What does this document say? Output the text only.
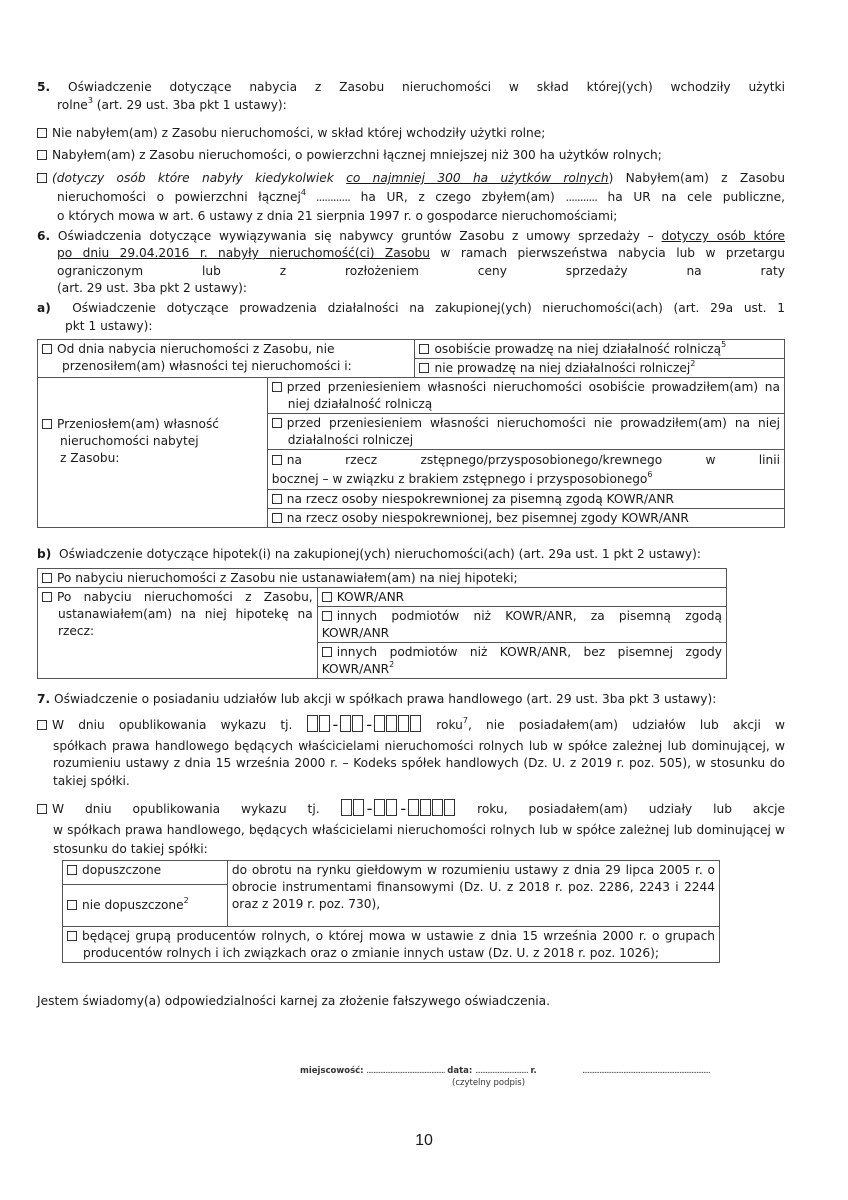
5. Oświadczenie dotyczące nabycia z Zasobu nieruchomości w skład której(ych) wchodziły użytki
rolne$^3$ (art. 29 ust. 3ba pkt 1 ustawy):
Nie nabyłem(am) z Zasobu nieruchomości, w skład której wchodziły użytki rolne;
Nabyłem(am) z Zasobu nieruchomości, o powierzchni łącznej mniejszej niż 300 ha użytków rolnych;
(dotyczy osób które nabyły kiedykolwiek co najmniej 300 ha użytków rolnych) Nabyłem(am) z Zasobu
nieruchomości o powierzchni łącznej$^4$ ............ ha UR, z czego zbyłem(am) ........... ha UR na cele publiczne,
o których mowa w art. 6 ustawy z dnia 21 sierpnia 1997 r. o gospodarce nieruchomościami;
6. Oświadczenia dotyczące wywiązywania się nabywcy gruntów Zasobu z umowy sprzedaży – dotyczy osób które
po dniu 29.04.2016 r. nabyły nieruchomość(ci) Zasobu w ramach pierwszeństwa nabycia lub w przetargu
ograniczonym lub z rozłożeniem ceny sprzedaży na raty
(art. 29 ust. 3ba pkt 2 ustawy):
a) Oświadczenie dotyczące prowadzenia działalności na zakupionej(ych) nieruchomości(ach) (art. 29a ust. 1
pkt 1 ustawy):
Od dnia nabycia nieruchomości z Zasobu, nie przenosiłem(am) własności tej nieruchomości i:		osobiście prowadzę na niej działalność rolniczą$^5$
		nie prowadzę na niej działalności rolniczej$^2$

Przeniosłem(am) własność
nieruchomości nabytej
z Zasobu:	przed przeniesieniem własności nieruchomości osobiście prowadziłem(am) na niej działalność rolniczą	

	przed przeniesieniem własności nieruchomości nie prowadziłem(am) na niej działalności rolniczej	

	na rzecz zstępnego/przysposobionego/krewnego w linii
bocznej – w związku z brakiem zstępnego i przysposobionego$^6$

	na rzecz osoby niespokrewnionej za pisemną zgodą KOWR/ANR	
	na rzecz osoby niespokrewnionej, bez pisemnej zgody KOWR/ANR	
b) Oświadczenie dotyczące hipotek(i) na zakupionej(ych) nieruchomości(ach) (art. 29a ust. 1 pkt 2 ustawy):
Po nabyciu nieruchomości z Zasobu nie ustanawiałem(am) na niej hipoteki;

Po nabyciu nieruchomości z Zasobu, ustanawiałem(am) na niej hipotekę na rzecz:
	KOWR/ANR
innych podmiotów niż KOWR/ANR, za pisemną zgodą KOWR/ANR
innych podmiotów niż KOWR/ANR, bez pisemnej zgody KOWR/ANR$^2$
7. Oświadczenie o posiadaniu udziałów lub akcji w spółkach prawa handlowego (art. 29 ust. 3ba pkt 3 ustawy):
W dniu opublikowania wykazu tj.	- -	roku$^7$, nie posiadałem(am) udziałów lub akcji w
spółkach prawa handlowego będących właścicielami nieruchomości rolnych lub w spółce zależnej lub dominującej, w rozumieniu ustawy z dnia 15 września 2000 r. – Kodeks spółek handlowych (Dz. U. z 2019 r. poz. 505), w stosunku do takiej spółki.
W dniu opublikowania wykazu tj.	- -	roku, posiadałem(am) udziały lub akcje
w spółkach prawa handlowego, będących właścicielami nieruchomości rolnych lub w spółce zależnej lub dominującej w stosunku do takiej spółki:
dopuszczone	do obrotu na rynku giełdowym w rozumieniu ustawy z dnia 29 lipca 2005 r. o obrocie instrumentami finansowymi (Dz. U. z 2018 r. poz. 2286, 2243 i 2244 oraz z 2019 r. poz. 730),
nie dopuszczone$^2$

będącej grupą producentów rolnych, o której mowa w ustawie z dnia 15 września 2000 r. o grupach producentów rolnych i ich związkach oraz o zmianie innych ustaw (Dz. U. z 2018 r. poz. 1026);
Jestem świadomy(a) odpowiedzialności karnej za złożenie fałszywego oświadczenia.
miejscowość: .............................................. data: ............................... r.	...........................................................................
(czytelny podpis)
10
